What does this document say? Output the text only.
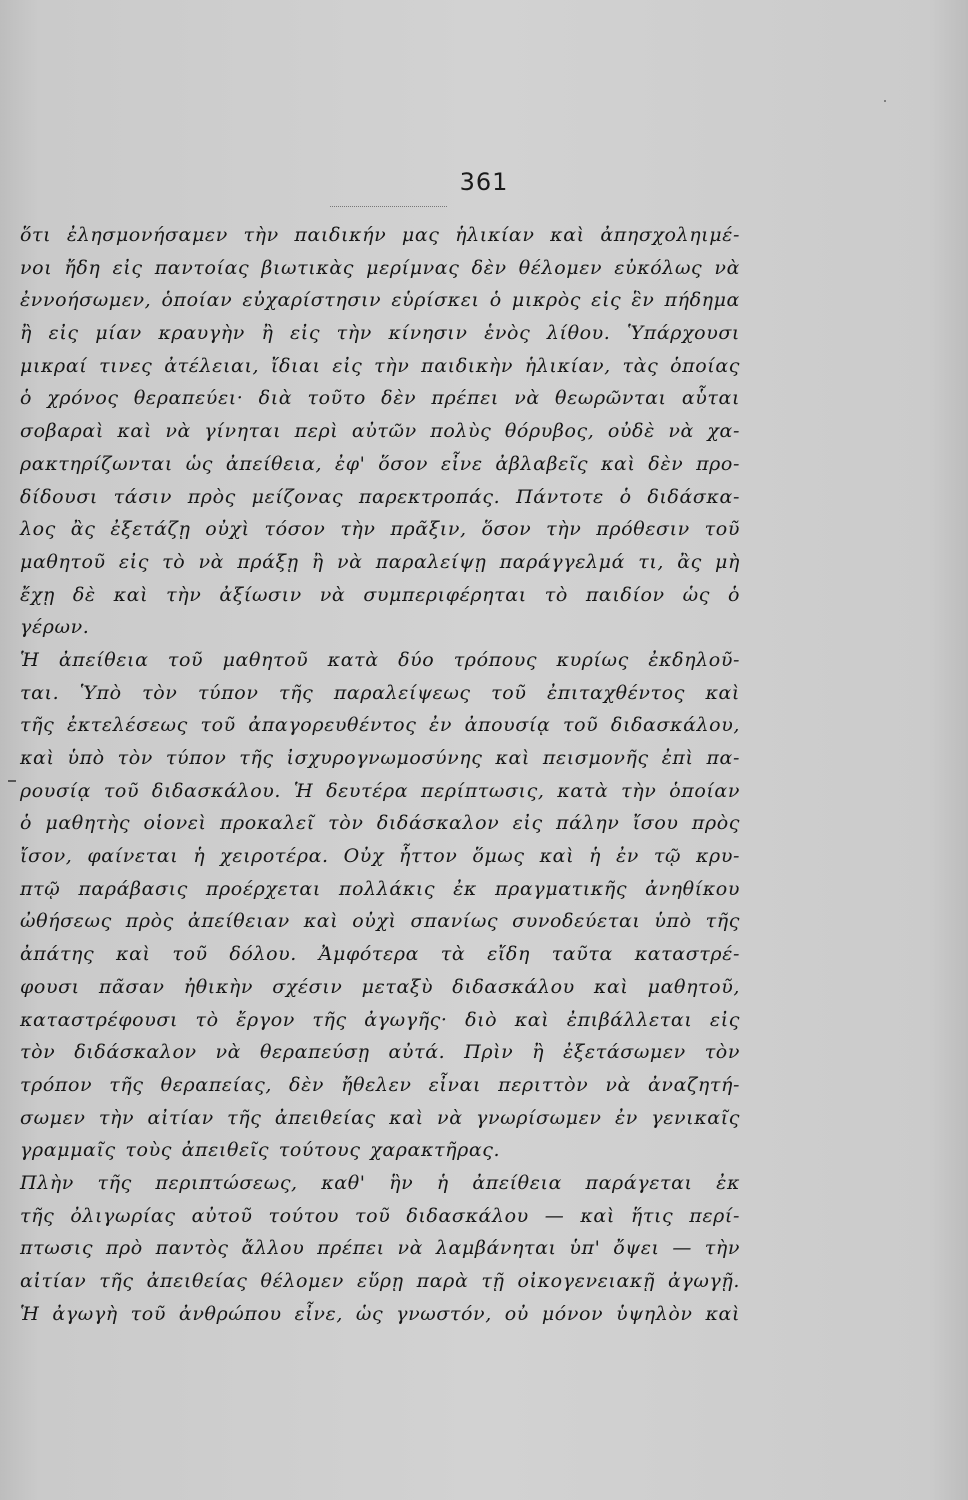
361
ὅτι ἐλησμονήσαμεν τὴν παιδικήν μας ἡλικίαν καὶ ἀπησχοληιμέ-
νοι ἤδη εἰς παντοίας βιωτικὰς μερίμνας δὲν θέλομεν εὐκόλως νὰ
ἐννοήσωμεν, ὁποίαν εὐχαρίστησιν εὑρίσκει ὁ μικρὸς εἰς ἓν πήδημα
ἢ εἰς μίαν κραυγὴν ἢ εἰς τὴν κίνησιν ἑνὸς λίθου. Ὑπάρχουσι
μικραί τινες ἀτέλειαι, ἴδιαι εἰς τὴν παιδικὴν ἡλικίαν, τὰς ὁποίας
ὁ χρόνος θεραπεύει· διὰ τοῦτο δὲν πρέπει νὰ θεωρῶνται αὗται
σοβαραὶ καὶ νὰ γίνηται περὶ αὐτῶν πολὺς θόρυβος, οὐδὲ νὰ χα-
ρακτηρίζωνται ὡς ἀπείθεια, ἐφ' ὅσον εἶνε ἀβλαβεῖς καὶ δὲν προ-
δίδουσι τάσιν πρὸς μείζονας παρεκτροπάς. Πάντοτε ὁ διδάσκα-
λος ἂς ἐξετάζῃ οὐχὶ τόσον τὴν πρᾶξιν, ὅσον τὴν πρόθεσιν τοῦ
μαθητοῦ εἰς τὸ νὰ πράξῃ ἢ νὰ παραλείψῃ παράγγελμά τι, ἂς μὴ
ἔχῃ δὲ καὶ τὴν ἀξίωσιν νὰ συμπεριφέρηται τὸ παιδίον ὡς ὁ
γέρων.
Ἡ ἀπείθεια τοῦ μαθητοῦ κατὰ δύο τρόπους κυρίως ἐκδηλοῦ-
ται. Ὑπὸ τὸν τύπον τῆς παραλείψεως τοῦ ἐπιταχθέντος καὶ
τῆς ἐκτελέσεως τοῦ ἀπαγορευθέντος ἐν ἀπουσίᾳ τοῦ διδασκάλου,
καὶ ὑπὸ τὸν τύπον τῆς ἰσχυρογνωμοσύνης καὶ πεισμονῆς ἐπὶ πα-
ρουσίᾳ τοῦ διδασκάλου. Ἡ δευτέρα περίπτωσις, κατὰ τὴν ὁποίαν
ὁ μαθητὴς οἱονεὶ προκαλεῖ τὸν διδάσκαλον εἰς πάλην ἴσου πρὸς
ἴσον, φαίνεται ἡ χειροτέρα. Οὐχ ἧττον ὅμως καὶ ἡ ἐν τῷ κρυ-
πτῷ παράβασις προέρχεται πολλάκις ἐκ πραγματικῆς ἀνηθίκου
ὠθήσεως πρὸς ἀπείθειαν καὶ οὐχὶ σπανίως συνοδεύεται ὑπὸ τῆς
ἀπάτης καὶ τοῦ δόλου. Ἀμφότερα τὰ εἴδη ταῦτα καταστρέ-
φουσι πᾶσαν ἠθικὴν σχέσιν μεταξὺ διδασκάλου καὶ μαθητοῦ,
καταστρέφουσι τὸ ἔργον τῆς ἀγωγῆς· διὸ καὶ ἐπιβάλλεται εἰς
τὸν διδάσκαλον νὰ θεραπεύσῃ αὐτά. Πρὶν ἢ ἐξετάσωμεν τὸν
τρόπον τῆς θεραπείας, δὲν ἤθελεν εἶναι περιττὸν νὰ ἀναζητή-
σωμεν τὴν αἰτίαν τῆς ἀπειθείας καὶ νὰ γνωρίσωμεν ἐν γενικαῖς
γραμμαῖς τοὺς ἀπειθεῖς τούτους χαρακτῆρας.
Πλὴν τῆς περιπτώσεως, καθ' ἣν ἡ ἀπείθεια παράγεται ἐκ
τῆς ὀλιγωρίας αὐτοῦ τούτου τοῦ διδασκάλου — καὶ ἥτις περί-
πτωσις πρὸ παντὸς ἄλλου πρέπει νὰ λαμβάνηται ὑπ' ὄψει — τὴν
αἰτίαν τῆς ἀπειθείας θέλομεν εὕρῃ παρὰ τῇ οἰκογενειακῇ ἀγωγῇ.
Ἡ ἀγωγὴ τοῦ ἀνθρώπου εἶνε, ὡς γνωστόν, οὐ μόνον ὑψηλὸν καὶ
